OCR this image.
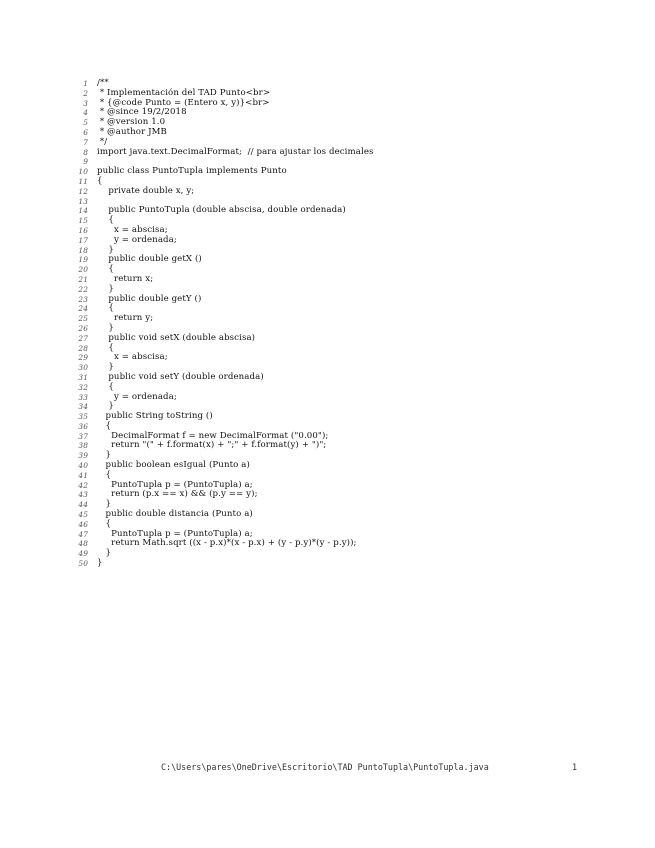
1 /**
2 * Implementación del TAD Punto<br>
3 * {@code Punto = (Entero x, y)}<br>
4 * @since 19/2/2018
5 * @version 1.0
6 * @author JMB
7 */
8 import java.text.DecimalFormat;  // para ajustar los decimales
9
10 public class PuntoTupla implements Punto
11 {
12    private double x, y;
13
14    public PuntoTupla (double abscisa, double ordenada)
15    {
16      x = abscisa;
17      y = ordenada;
18    }
19    public double getX ()
20    {
21      return x;
22    }
23    public double getY ()
24    {
25      return y;
26    }
27    public void setX (double abscisa)
28    {
29      x = abscisa;
30    }
31    public void setY (double ordenada)
32    {
33      y = ordenada;
34    }
35   public String toString ()
36   {
37     DecimalFormat f = new DecimalFormat ("0.00");
38     return "(" + f.format(x) + ";" + f.format(y) + ")";
39   }
40   public boolean esIgual (Punto a)
41   {
42     PuntoTupla p = (PuntoTupla) a;
43     return (p.x == x) && (p.y == y);
44   }
45   public double distancia (Punto a)
46   {
47     PuntoTupla p = (PuntoTupla) a;
48     return Math.sqrt ((x - p.x)*(x - p.x) + (y - p.y)*(y - p.y));
49   }
50 }
C:\Users\pares\OneDrive\Escritorio\TAD PuntoTupla\PuntoTupla.java	1
